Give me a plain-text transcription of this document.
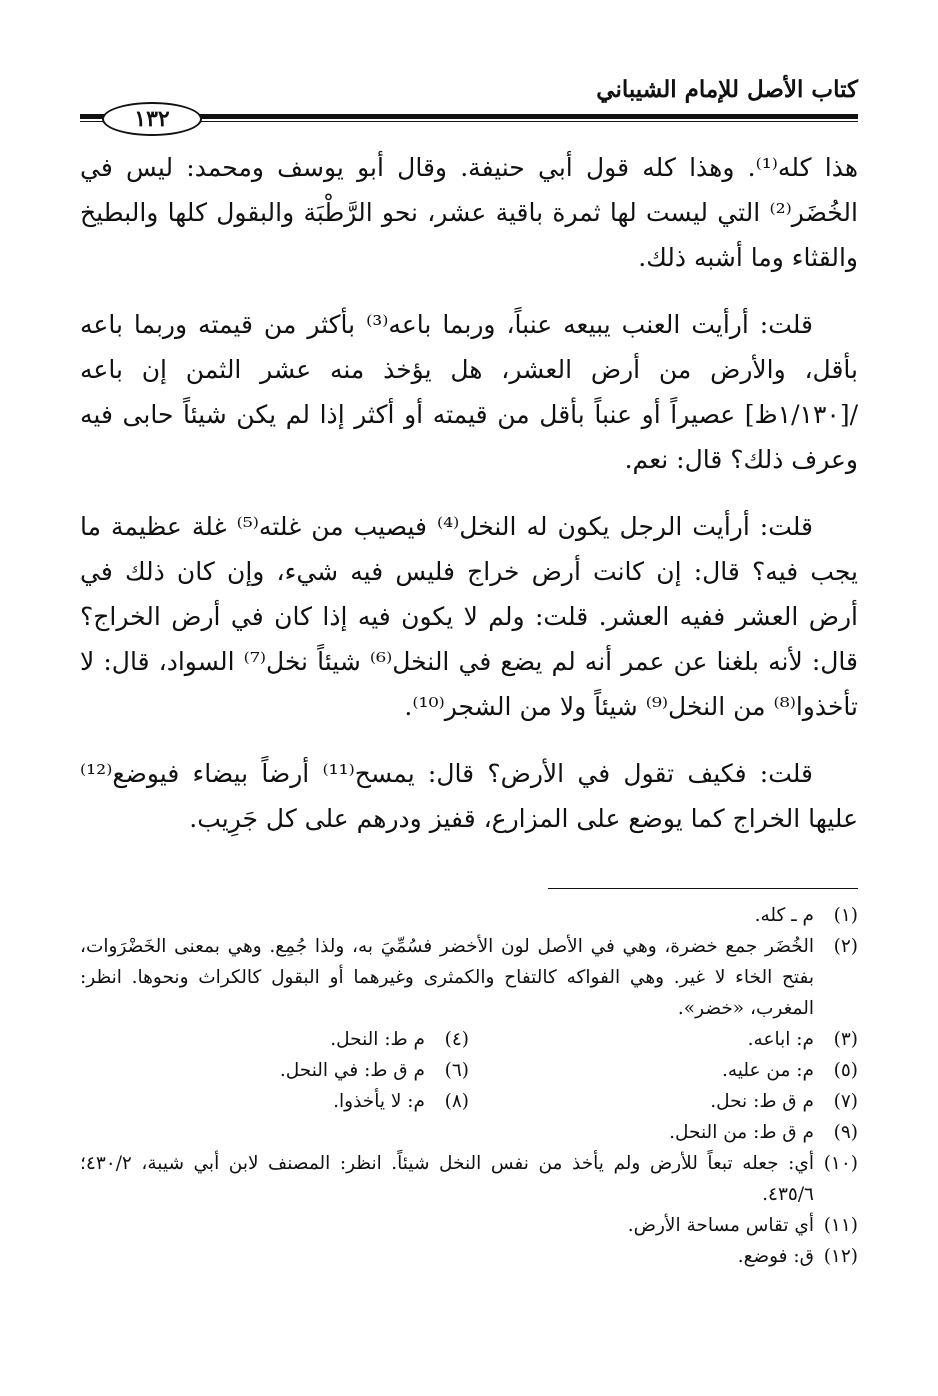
كتاب الأصل للإمام الشيباني
١٣٢

هذا كله⁽¹⁾. وهذا كله قول أبي حنيفة. وقال أبو يوسف ومحمد: ليس في الخُضَر⁽²⁾ التي ليست لها ثمرة باقية عشر، نحو الرَّطْبَة والبقول كلها والبطيخ والقثاء وما أشبه ذلك.

قلت: أرأيت العنب يبيعه عنباً، وربما باعه⁽³⁾ بأكثر من قيمته وربما باعه بأقل، والأرض من أرض العشر، هل يؤخذ منه عشر الثمن إن باعه /[١/١٣٠ظ] عصيراً أو عنباً بأقل من قيمته أو أكثر إذا لم يكن شيئاً حابى فيه وعرف ذلك؟ قال: نعم.

قلت: أرأيت الرجل يكون له النخل⁽⁴⁾ فيصيب من غلته⁽⁵⁾ غلة عظيمة ما يجب فيه؟ قال: إن كانت أرض خراج فليس فيه شيء، وإن كان ذلك في أرض العشر ففيه العشر. قلت: ولم لا يكون فيه إذا كان في أرض الخراج؟ قال: لأنه بلغنا عن عمر أنه لم يضع في النخل⁽⁶⁾ شيئاً نخل⁽⁷⁾ السواد، قال: لا تأخذوا⁽⁸⁾ من النخل⁽⁹⁾ شيئاً ولا من الشجر⁽¹⁰⁾.

قلت: فكيف تقول في الأرض؟ قال: يمسح⁽¹¹⁾ أرضاً بيضاء فيوضع⁽¹²⁾ عليها الخراج كما يوضع على المزارع، قفيز ودرهم على كل جَرِيب.

(١)
م ـ كله.
(٢)
الخُضَر جمع خضرة، وهي في الأصل لون الأخضر فسُمِّيَ به، ولذا جُمِع. وهي بمعنى الخَضْرَوات، بفتح الخاء لا غير. وهي الفواكه كالتفاح والكمثرى وغيرهما أو البقول كالكراث ونحوها. انظر: المغرب، «خضر».
(٣)
م: اباعه.
(٤)
م ط: النحل.
(٥)
م: من عليه.
(٦)
م ق ط: في النحل.
(٧)
م ق ط: نحل.
(٨)
م: لا يأخذوا.
(٩)
م ق ط: من النحل.
(١٠)
أي: جعله تبعاً للأرض ولم يأخذ من نفس النخل شيئاً. انظر: المصنف لابن أبي شيبة، ٤٣٠/٢؛ ٤٣٥/٦.
(١١)
أي تقاس مساحة الأرض.
(١٢)
ق: فوضع.
